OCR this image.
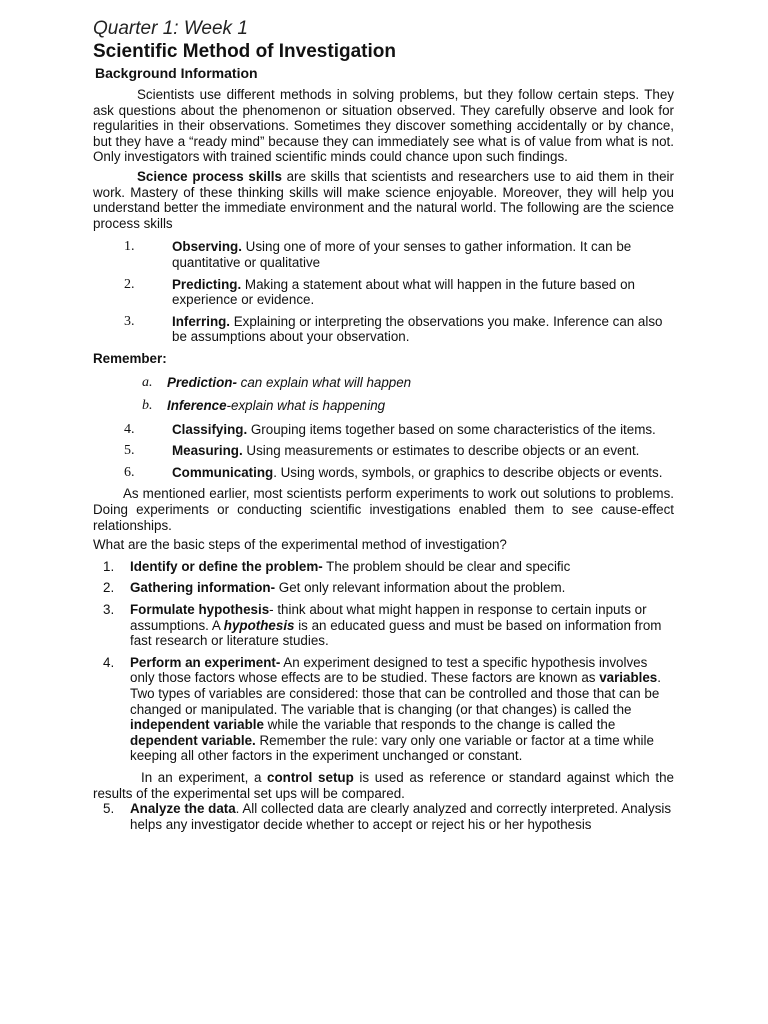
Quarter 1: Week 1
Scientific Method of Investigation
Background Information

Scientists use different methods in solving problems, but they follow certain steps. They ask questions about the phenomenon or situation observed. They carefully observe and look for regularities in their observations. Sometimes they discover something accidentally or by chance, but they have a “ready mind” because they can immediately see what is of value from what is not. Only investigators with trained scientific minds could chance upon such findings.

Science process skills are skills that scientists and researchers use to aid them in their work. Mastery of these thinking skills will make science enjoyable. Moreover, they will help you understand better the immediate environment and the natural world. The following are the science process skills

1.	Observing. Using one of more of your senses to gather information. It can be quantitative or qualitative
2.	Predicting. Making a statement about what will happen in the future based on experience or evidence.
3.	Inferring. Explaining or interpreting the observations you make. Inference can also be assumptions about your observation.
Remember:
a.	Prediction- can explain what will happen
b.	Inference-explain what is happening
4.	Classifying. Grouping items together based on some characteristics of the items.
5.	Measuring. Using measurements or estimates to describe objects or an event.
6.	Communicating. Using words, symbols, or graphics to describe objects or events.

As mentioned earlier, most scientists perform experiments to work out solutions to problems. Doing experiments or conducting scientific investigations enabled them to see cause-effect relationships.

What are the basic steps of the experimental method of investigation?

1.	Identify or define the problem- The problem should be clear and specific
2.	Gathering information- Get only relevant information about the problem.
3.	Formulate hypothesis- think about what might happen in response to certain inputs or assumptions. A hypothesis is an educated guess and must be based on information from fast research or literature studies.
4.	Perform an experiment- An experiment designed to test a specific hypothesis involves only those factors whose effects are to be studied. These factors are known as variables. Two types of variables are considered: those that can be controlled and those that can be changed or manipulated. The variable that is changing (or that changes) is called the independent variable while the variable that responds to the change is called the dependent variable. Remember the rule: vary only one variable or factor at a time while keeping all other factors in the experiment unchanged or constant.

In an experiment, a control setup is used as reference or standard against which the results of the experimental set ups will be compared.

5.	Analyze the data. All collected data are clearly analyzed and correctly interpreted. Analysis helps any investigator decide whether to accept or reject his or her hypothesis
